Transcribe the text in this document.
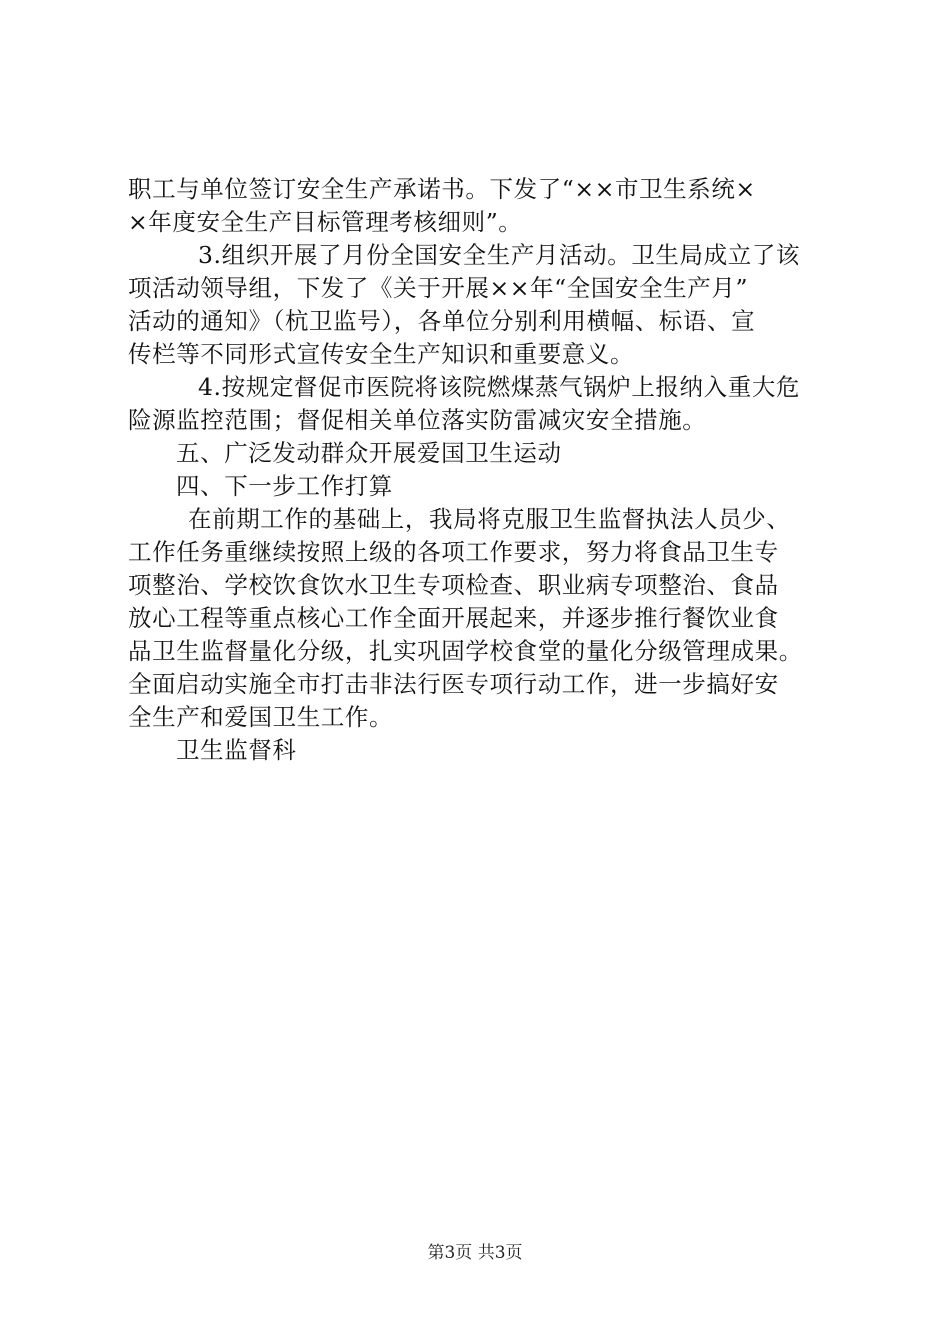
职工与单位签订安全生产承诺书。下发了“××市卫生系统×
×年度安全生产目标管理考核细则”。
3.组织开展了月份全国安全生产月活动。卫生局成立了该
项活动领导组，下发了《关于开展××年“全国安全生产月”
活动的通知》（杭卫监号），各单位分别利用横幅、标语、宣
传栏等不同形式宣传安全生产知识和重要意义。
4.按规定督促市医院将该院燃煤蒸气锅炉上报纳入重大危
险源监控范围；督促相关单位落实防雷减灾安全措施。
五、广泛发动群众开展爱国卫生运动
四、下一步工作打算
在前期工作的基础上，我局将克服卫生监督执法人员少、
工作任务重继续按照上级的各项工作要求，努力将食品卫生专
项整治、学校饮食饮水卫生专项检查、职业病专项整治、食品
放心工程等重点核心工作全面开展起来，并逐步推行餐饮业食
品卫生监督量化分级，扎实巩固学校食堂的量化分级管理成果。
全面启动实施全市打击非法行医专项行动工作，进一步搞好安
全生产和爱国卫生工作。
卫生监督科
第3页 共3页
